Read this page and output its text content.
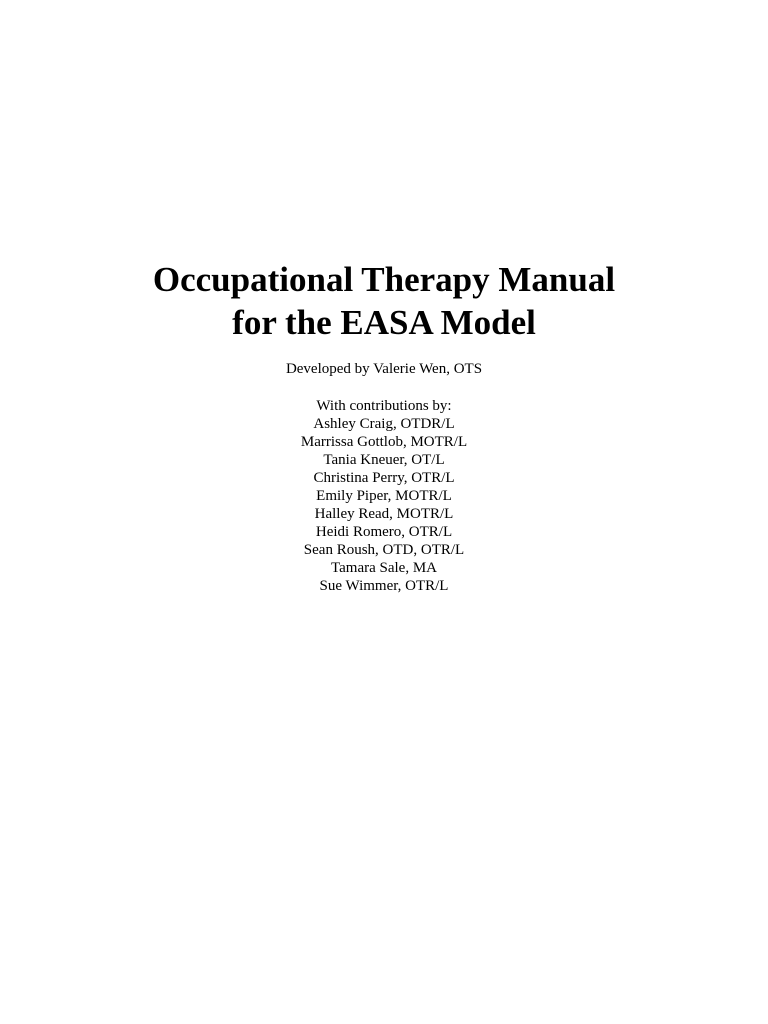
Occupational Therapy Manual

for the EASA Model

Developed by Valerie Wen, OTS
With contributions by:
Ashley Craig, OTDR/L
Marrissa Gottlob, MOTR/L
Tania Kneuer, OT/L
Christina Perry, OTR/L
Emily Piper, MOTR/L
Halley Read, MOTR/L
Heidi Romero, OTR/L
Sean Roush, OTD, OTR/L
Tamara Sale, MA
Sue Wimmer, OTR/L
